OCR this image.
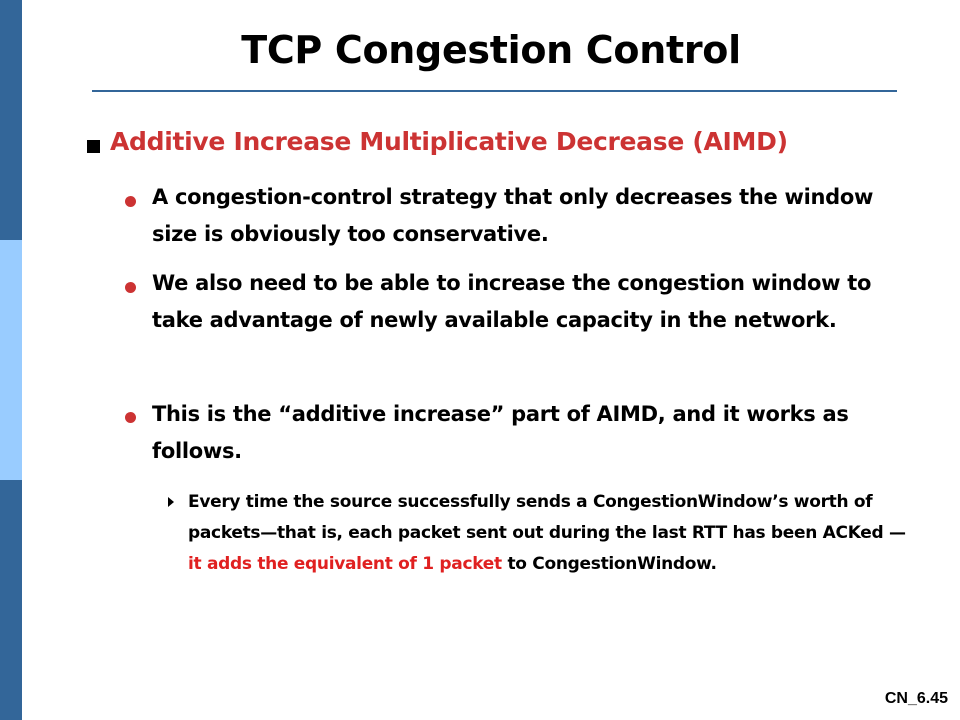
TCP Congestion Control
Additive Increase Multiplicative Decrease (AIMD)
A congestion-control strategy that only decreases the window size is obviously too conservative.
We also need to be able to increase the congestion window to take advantage of newly available capacity in the network.
This is the “additive increase” part of AIMD, and it works as follows.
Every time the source successfully sends a CongestionWindow’s worth of packets—that is, each packet sent out during the last RTT has been ACKed — it adds the equivalent of 1 packet to CongestionWindow.
CN_6.45
